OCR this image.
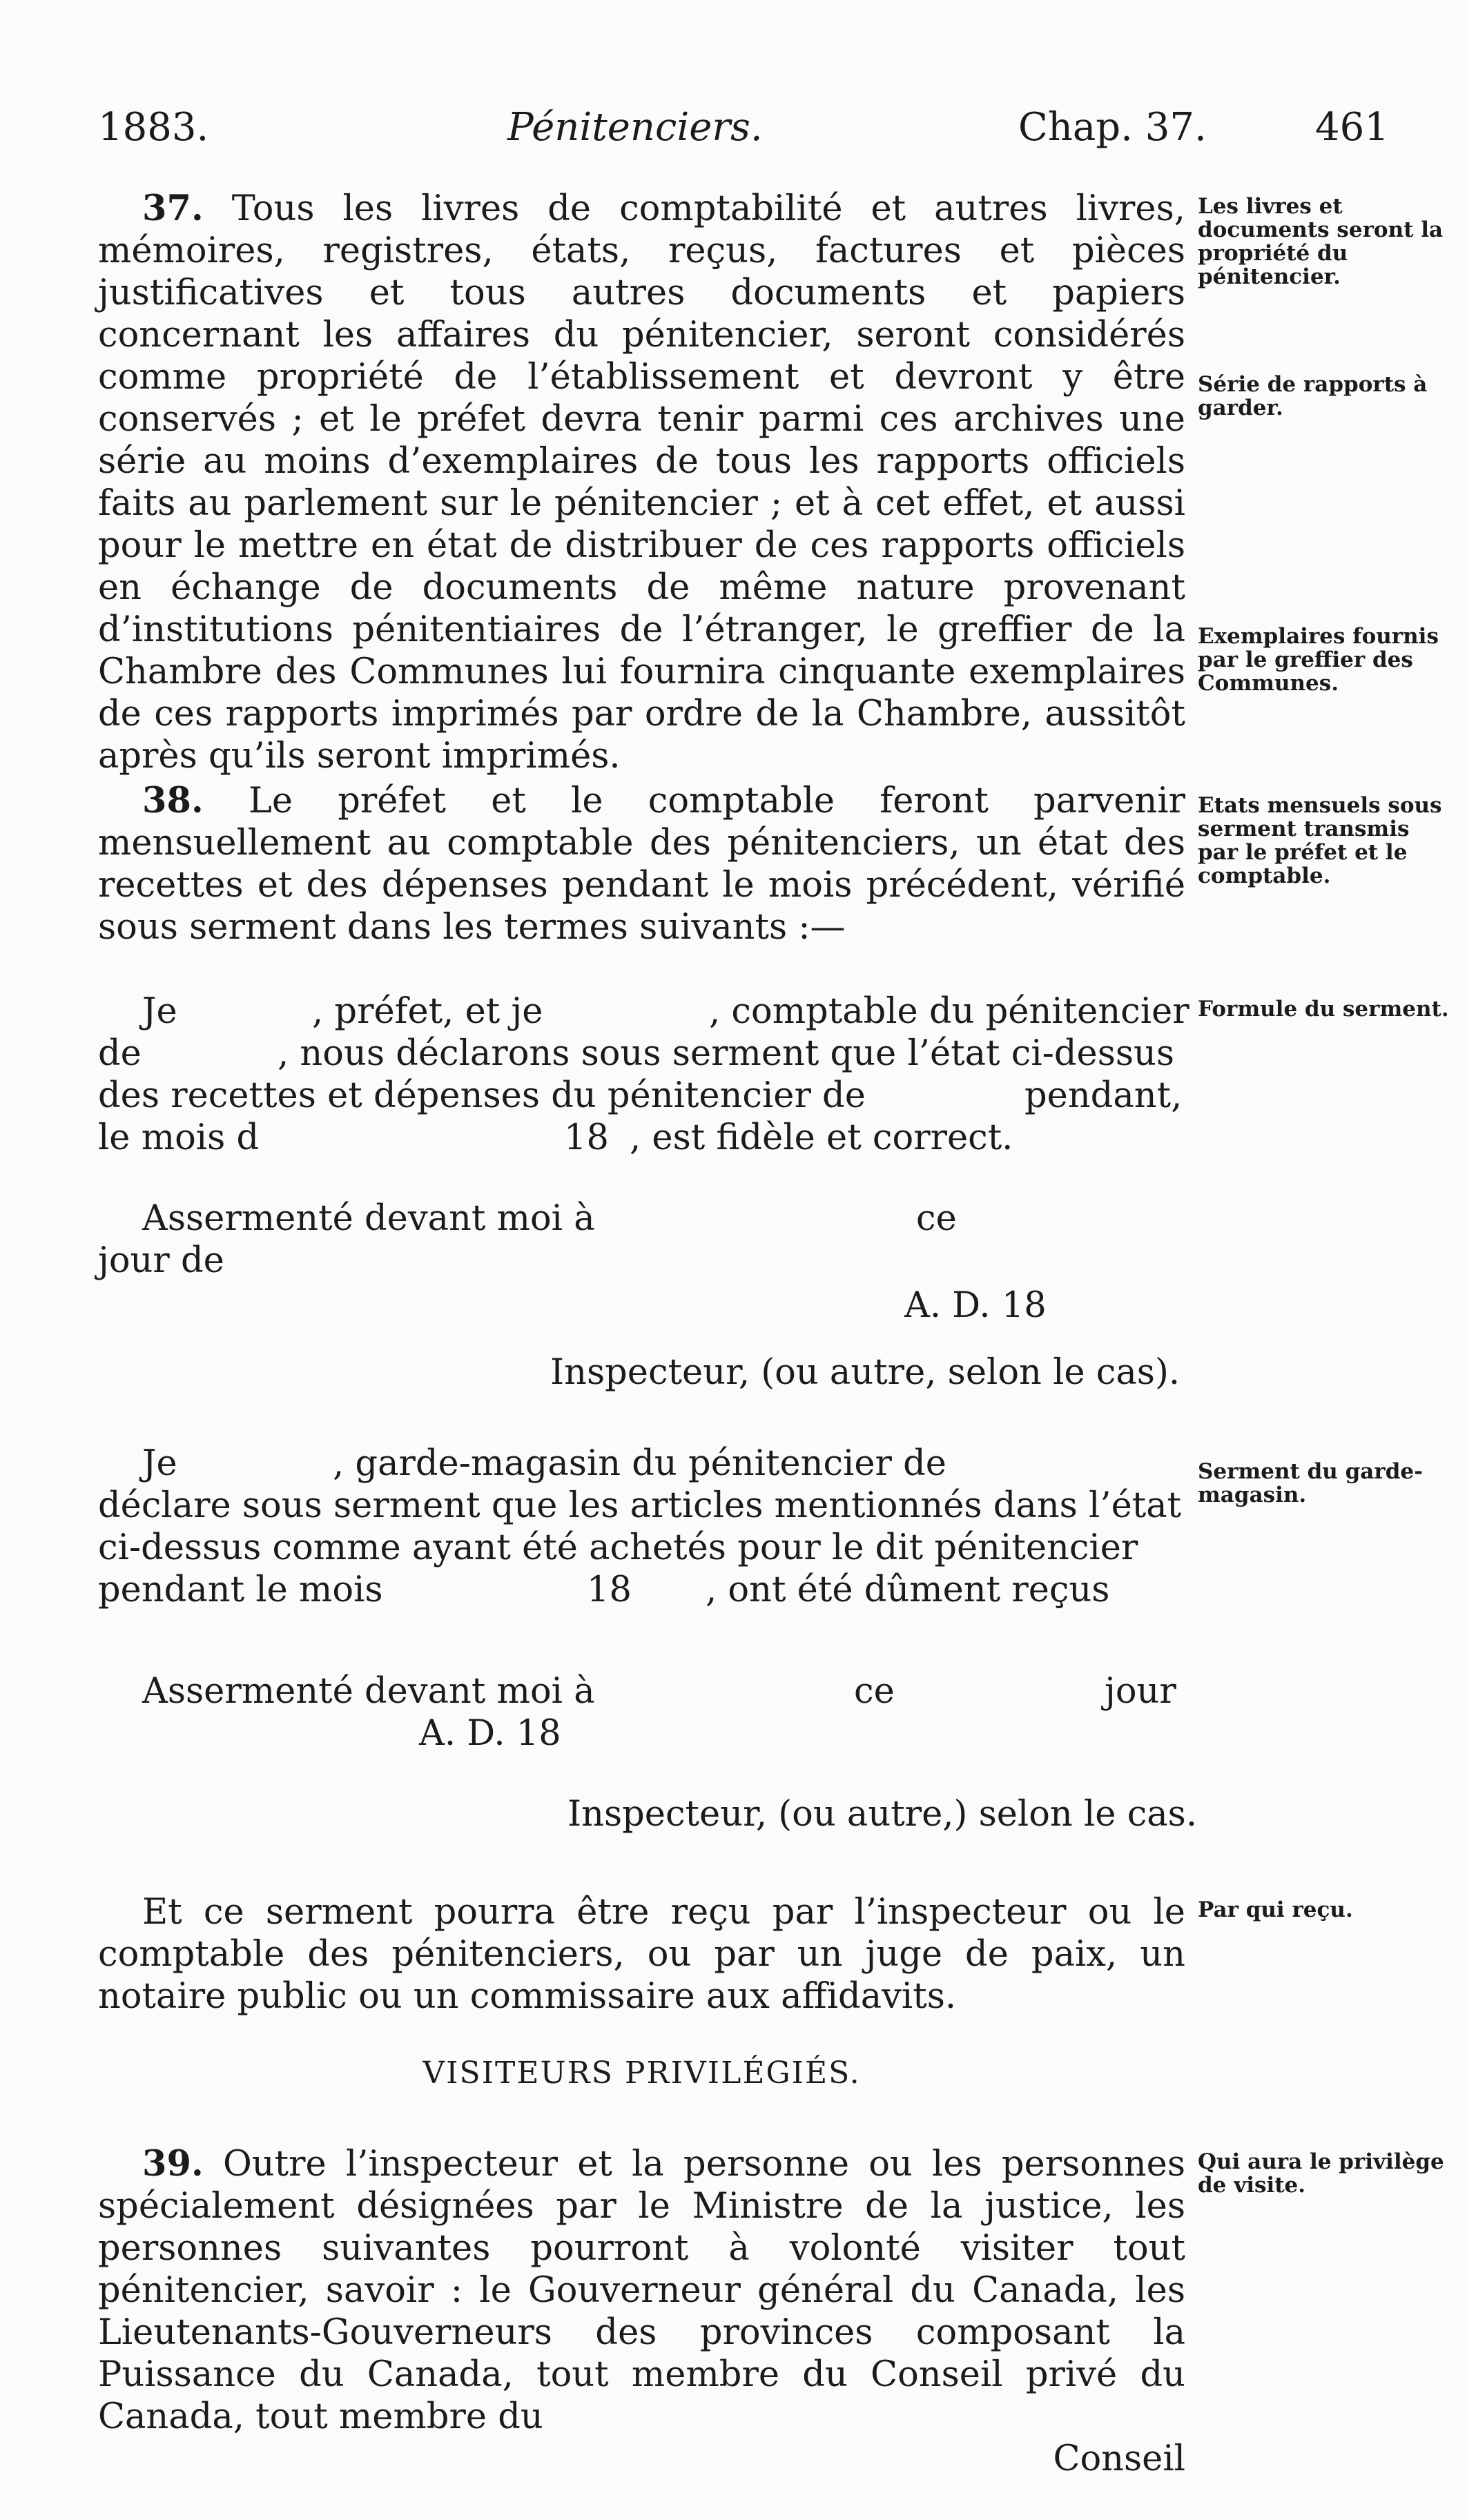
1883.	Pénitenciers.	Chap. 37.	461

37. Tous les livres de comptabilité et autres livres, mémoires, registres, états, reçus, factures et pièces justificatives et tous autres documents et papiers concernant les affaires du pénitencier, seront considérés comme propriété de l’établissement et devront y être conservés ; et le préfet devra tenir parmi ces archives une série au moins d’exemplaires de tous les rapports officiels faits au parlement sur le pénitencier ; et à cet effet, et aussi pour le mettre en état de distribuer de ces rapports officiels en échange de documents de même nature provenant d’institutions pénitentiaires de l’étranger, le greffier de la Chambre des Communes lui fournira cinquante exemplaires de ces rapports imprimés par ordre de la Chambre, aussitôt après qu’ils seront imprimés.

38. Le préfet et le comptable feront parvenir mensuellement au comptable des pénitenciers, un état des recettes et des dépenses pendant le mois précédent, vérifié sous serment dans les termes suivants :—

Je	, préfet, et je	, comptable du pénitencier
de	, nous déclarons sous serment que l’état ci-dessus
des recettes et dépenses du pénitencier de	pendant,
le mois d	18 , est fidèle et correct.
Assermenté devant moi à	ce
jour de
A. D. 18
Inspecteur, (ou autre, selon le cas).
Je	, garde-magasin du pénitencier de

déclare sous serment que les articles mentionnés dans l’état

ci-dessus comme ayant été achetés pour le dit pénitencier

pendant le mois	18 , ont été dûment reçus
Assermenté devant moi à	ce	jour
A. D. 18
Inspecteur, (ou autre,) selon le cas.

Et ce serment pourra être reçu par l’inspecteur ou le comptable des pénitenciers, ou par un juge de paix, un notaire public ou un commissaire aux affidavits.

VISITEURS PRIVILÉGIÉS.

39. Outre l’inspecteur et la personne ou les personnes spécialement désignées par le Ministre de la justice, les personnes suivantes pourront à volonté visiter tout pénitencier, savoir : le Gouverneur général du Canada, les Lieutenants-Gouverneurs des provinces composant la Puissance du Canada, tout membre du Conseil privé du Canada, tout membre du

Conseil

Les livres et documents seront la propriété du pénitencier.
Série de rapports à garder.
Exemplaires fournis par le greffier des Communes.
Etats mensuels sous serment transmis par le préfet et le comptable.
Formule du serment.
Serment du garde-magasin.
Par qui reçu.
Qui aura le privilège de visite.
